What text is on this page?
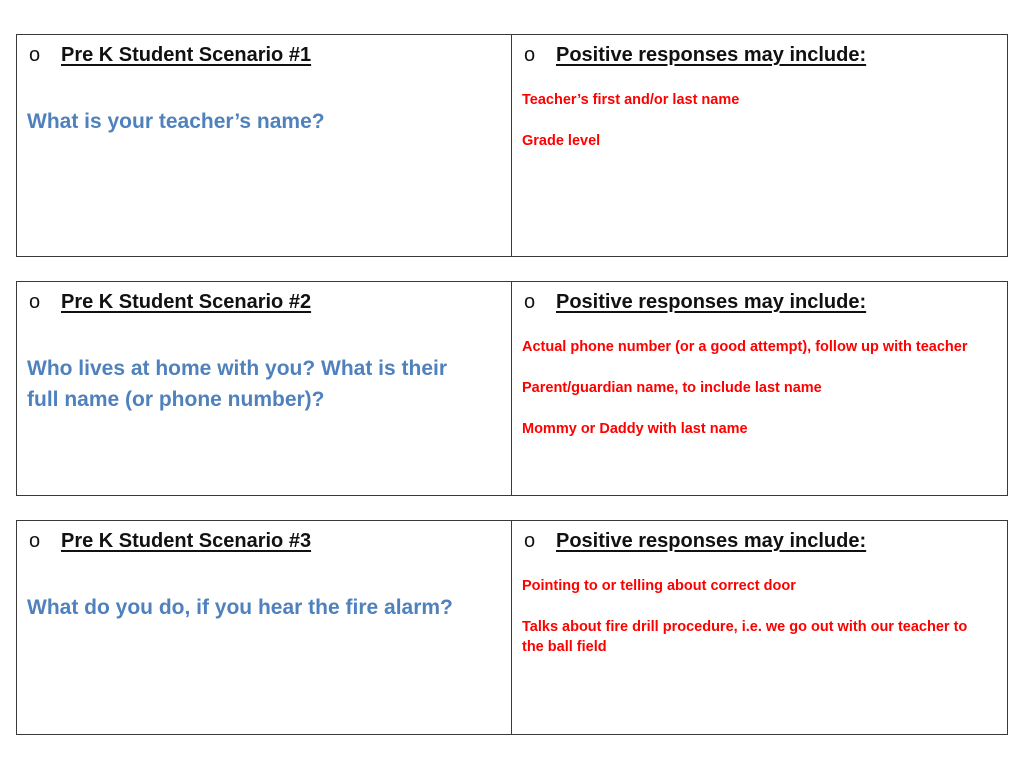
o	Pre K Student Scenario #1
What is your teacher’s name?
o	Positive responses may include:
Teacher’s first and/or last name
Grade level
o	Pre K Student Scenario #2
Who lives at home with you? What is their full name (or phone number)?
o	Positive responses may include:
Actual phone number (or a good attempt), follow up with teacher
Parent/guardian name, to include last name
Mommy or Daddy with last name
o	Pre K Student Scenario #3
What do you do, if you hear the fire alarm?
o	Positive responses may include:
Pointing to or telling about correct door
Talks about fire drill procedure, i.e. we go out with our teacher to the ball field
